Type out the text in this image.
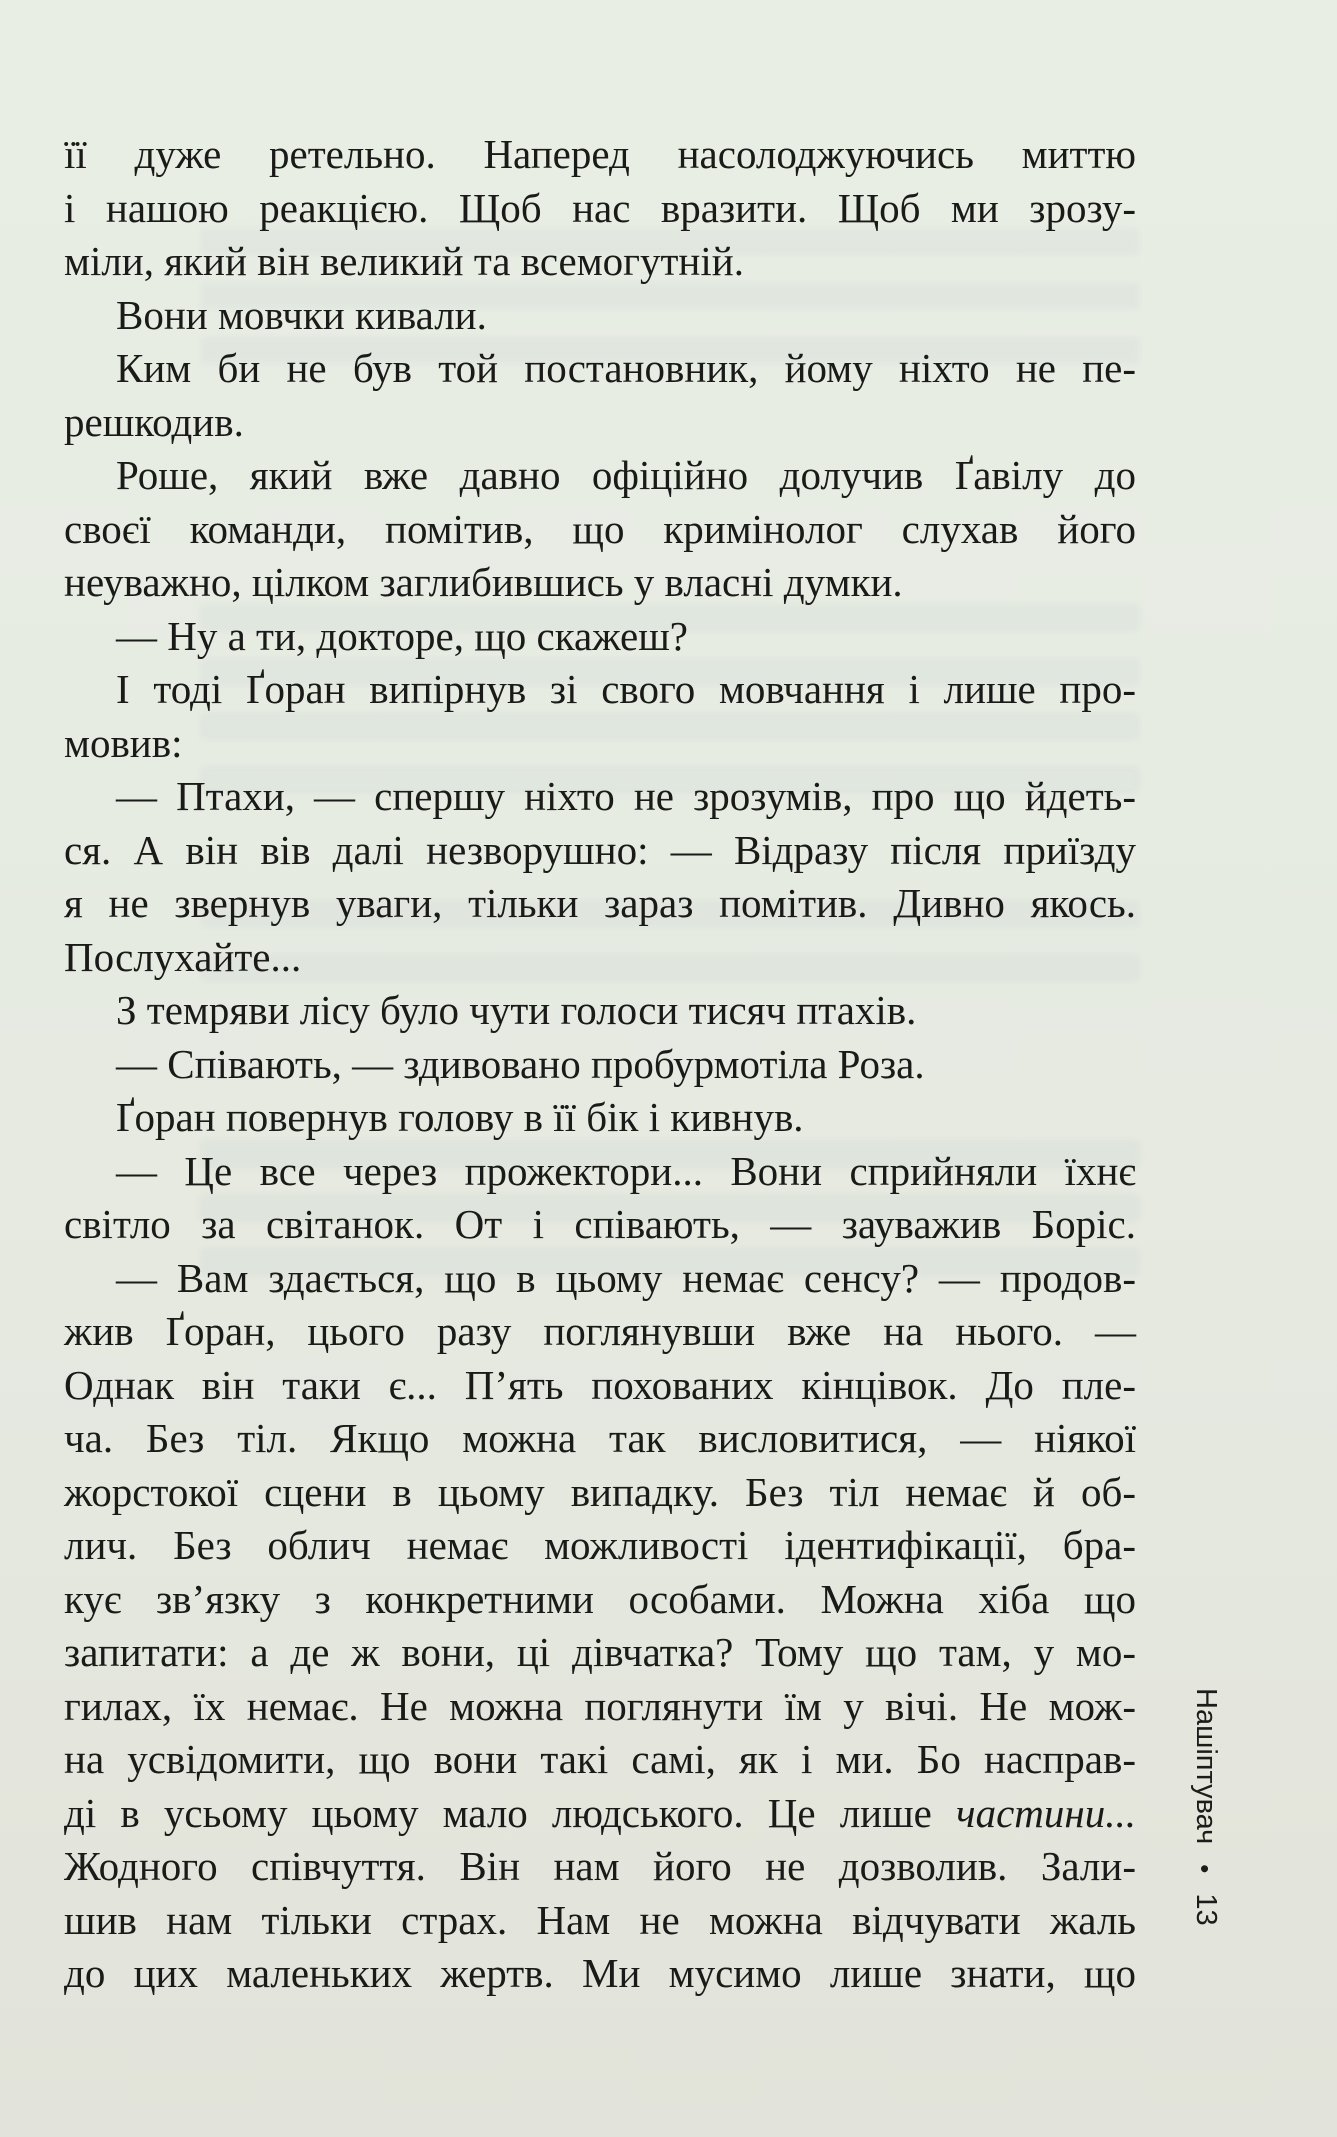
її дуже ретельно. Наперед насолоджуючись миттю
і нашою реакцією. Щоб нас вразити. Щоб ми зрозу-
міли, який він великий та всемогутній.
Вони мовчки кивали.
Ким би не був той постановник, йому ніхто не пе-
решкодив.
Роше, який вже давно офіційно долучив Ґавілу до
своєї команди, помітив, що кримінолог слухав його
неуважно, цілком заглибившись у власні думки.
— Ну а ти, докторе, що скажеш?
І тоді Ґоран випірнув зі свого мовчання і лише про-
мовив:
— Птахи, — спершу ніхто не зрозумів, про що йдеть-
ся. А він вів далі незворушно: — Відразу після приїзду
я не звернув уваги, тільки зараз помітив. Дивно якось.
Послухайте...
З темряви лісу було чути голоси тисяч птахів.
— Співають, — здивовано пробурмотіла Роза.
Ґоран повернув голову в її бік і кивнув.
— Це все через прожектори... Вони сприйняли їхнє
світло за світанок. От і співають, — зауважив Боріс.
— Вам здається, що в цьому немає сенсу? — продов-
жив Ґоран, цього разу поглянувши вже на нього. —
Однак він таки є... П’ять похованих кінцівок. До пле-
ча. Без тіл. Якщо можна так висловитися, — ніякої
жорстокої сцени в цьому випадку. Без тіл немає й об-
лич. Без облич немає можливості ідентифікації, бра-
кує зв’язку з конкретними особами. Можна хіба що
запитати: а де ж вони, ці дівчатка? Тому що там, у мо-
гилах, їх немає. Не можна поглянути їм у вічі. Не мож-
на усвідомити, що вони такі самі, як і ми. Бо насправ-
ді в усьому цьому мало людського. Це лише частини...
Жодного співчуття. Він нам його не дозволив. Зали-
шив нам тільки страх. Нам не можна відчувати жаль
до цих маленьких жертв. Ми мусимо лише знати, що
Нашіптувач
•
13
